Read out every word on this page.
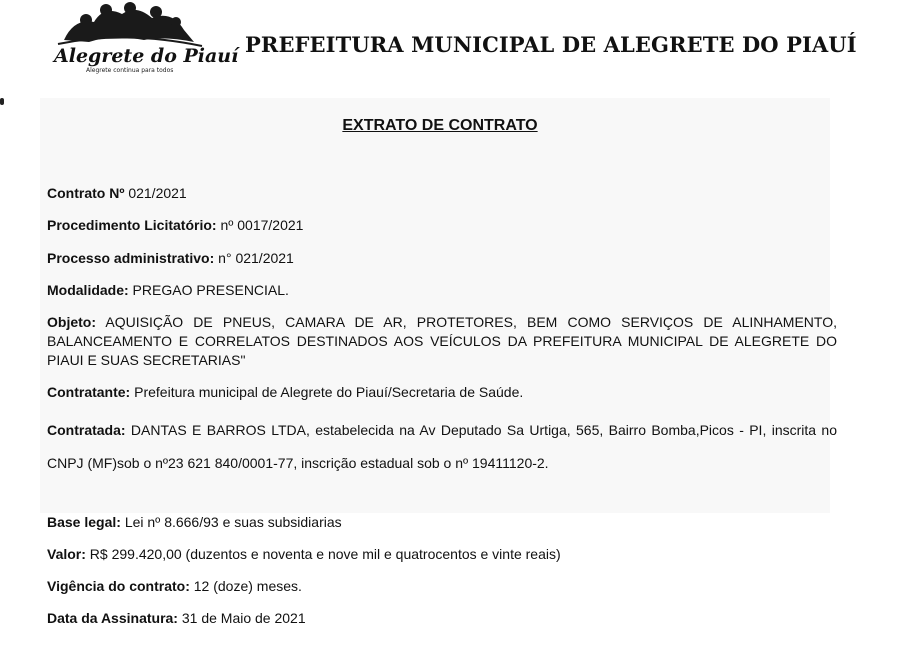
Alegrete do Piauí
Alegrete continua para todos
PREFEITURA MUNICIPAL DE ALEGRETE DO PIAUÍ
EXTRATO DE CONTRATO
Contrato Nº 021/2021
Procedimento Licitatório: nº 0017/2021
Processo administrativo: n° 021/2021
Modalidade: PREGAO PRESENCIAL.
Objeto: AQUISIÇÃO DE PNEUS, CAMARA DE AR, PROTETORES, BEM COMO SERVIÇOS DE ALINHAMENTO, BALANCEAMENTO E CORRELATOS DESTINADOS AOS VEÍCULOS DA PREFEITURA MUNICIPAL DE ALEGRETE DO PIAUI E SUAS SECRETARIAS"
Contratante: Prefeitura municipal de Alegrete do Piauí/Secretaria de Saúde.
Contratada: DANTAS E BARROS LTDA, estabelecida na Av Deputado Sa Urtiga, 565, Bairro Bomba,Picos - PI, inscrita no CNPJ (MF)sob o nº23 621 840/0001-77, inscrição estadual sob o nº 19411120-2.
Base legal: Lei nº 8.666/93 e suas subsidiarias
Valor: R$ 299.420,00 (duzentos e noventa e nove mil e quatrocentos e vinte reais)
Vigência do contrato: 12 (doze) meses.
Data da Assinatura: 31 de Maio de 2021
